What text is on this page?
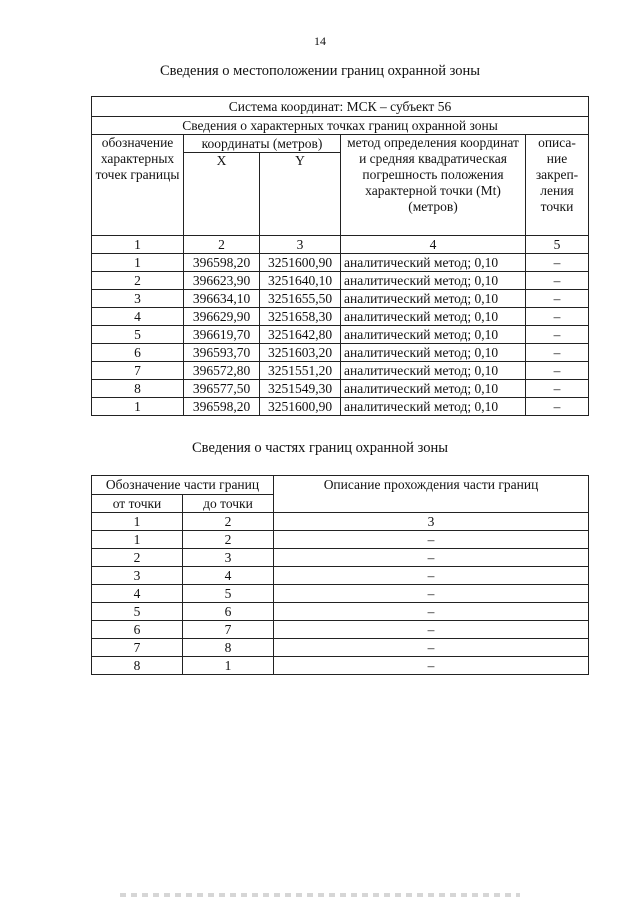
14
Сведения о местоположении границ охранной зоны
Система координат: МСК – субъект 56				
Сведения о характерных точках границ охранной зоны				
обозначение характерных точек границы	координаты (метров)		метод определения координат и средняя квадратическая погрешность положения характерной точки (Mt) (метров)	описа-ние закреп-ления точки
	X	Y		
1	2	3	4	5
1	396598,20	3251600,90	аналитический метод; 0,10	–
2	396623,90	3251640,10	аналитический метод; 0,10	–
3	396634,10	3251655,50	аналитический метод; 0,10	–
4	396629,90	3251658,30	аналитический метод; 0,10	–
5	396619,70	3251642,80	аналитический метод; 0,10	–
6	396593,70	3251603,20	аналитический метод; 0,10	–
7	396572,80	3251551,20	аналитический метод; 0,10	–
8	396577,50	3251549,30	аналитический метод; 0,10	–
1	396598,20	3251600,90	аналитический метод; 0,10	–
Сведения о частях границ охранной зоны
Обозначение части границ		Описание прохождения части границ
от точки	до точки	
1	2	3
1	2	–
2	3	–
3	4	–
4	5	–
5	6	–
6	7	–
7	8	–
8	1	–
